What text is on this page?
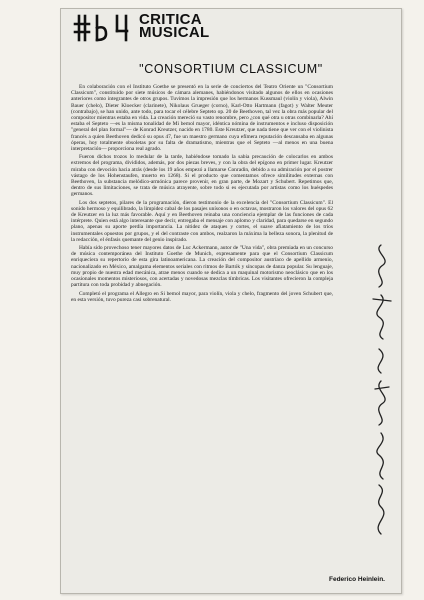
CRITICA
MUSICAL
"CONSORTIUM CLASSICUM"

En colaboración con el Instituto Goethe se presentó en la serie de conciertos del Teatro Oriente un "Consortium Classicum", constituido por siete músicos de cámara alemanes, habiéndonos visitado algunos de ellos en ocasiones anteriores como integrantes de otros grupos. Tuvimos la impresión que los hermanos Kussmaul (violín y viola), Alwin Bauer (chelo), Dieter Kloecker (clarinete), Nikolaus Grueger (corno), Karl-Otto Hartmann (fagot) y Walter Meuter (contrabajo), se han unido, ante todo, para tocar el célebre Septeto op. 20 de Beethoven, tal vez la obra más popular del compositor mientras estaba en vida. La creación mereció su vasto renombre, pero ¿con qué otra u otras combinarla? Ahí estaba el Septeto —es la misma tonalidad de Mi bemol mayor, idéntica nómina de instrumentos e incluso disposición "general del plan formal"— de Konrad Kreutzer, nacido en 1780. Este Kreutzer, que nada tiene que ver con el violinista francés a quien Beethoven dedicó su opus 47, fue un maestro germano cuya efímera reputación descansaba en algunas óperas, hoy totalmente obsoletas por su falta de dramatismo, mientras que el Septeto —al menos en una buena interpretación— proporciona real agrado.

Fueron dichos trozos lo medular de la tarde, habiéndose tomado la sabia precaución de colocarlos en ambos extremos del programa, divididos, además, por dos piezas breves, y con la obra del epígono en primer lugar. Kreutzer miraba con devoción hacia atrás (desde los 19 años empezó a llamarse Conradin, debido a su admiración por el postrer vástago de los Hohenstaufen, muerto en 1268). Si el producto que comentamos ofrece similitudes externas con Beethoven, la substancia melódico-armónica parece provenir, en gran parte, de Mozart y Schubert. Repetimos que, dentro de sus limitaciones, se trata de música atrayente, sobre todo si es ejecutada por artistas como los huéspedes germanos.

Los dos septetos, pilares de la programación, dieron testimonio de la excelencia del "Consortium Classicum". El sonido hermoso y equilibrado, la limpidez cabal de los pasajes unísonos o en octavas, mostraron los valores del opus 62 de Kreutzer en la luz más favorable. Aquí y en Beethoven reinaba una conciencia ejemplar de las funciones de cada intérprete. Quien está algo interesante que decir, entregaba el mensaje con aplomo y claridad, para quedarse en segundo plano, apenas su aporte perdía importancia. La nitidez de ataques y cortes, el suave afiatamiento de los tríos instrumentales opuestos por grupos, y el del contraste con ambos, realzaron la máxima la belleza sonora, la plenitud de la redacción, el énfasis quemante del genio inspirado.

Había sido provechoso tener mayores datos de Luc Ackermann, autor de "Una vida", obra premiada en un concurso de música contemporánea del Instituto Goethe de Munich, expresamente para que el Consortium Classicum enriqueciera su repertorio de esta gira latinoamericana. La creación del compositor austríaco de apellido armenio, nacionalizado en México, amalgama elementos seriales con ritmos de Bartók y síncopas de danza popular. Su lenguaje, muy propio de nuestra edad mecánica, atrae menos cuando se dedica a un maquinal motorismo neoclásico que en los ocasionales momentos misteriosos, con acertadas y novedosas mezclas tímbricas. Los visitantes ofrecieron la compleja partitura con toda probidad y abnegación.

Completó el programa el Allegro en Si bemol mayor, para violín, viola y chelo, fragmento del joven Schubert que, en esta versión, tuvo pureza casi sobrenatural.

Federico Heinlein.
